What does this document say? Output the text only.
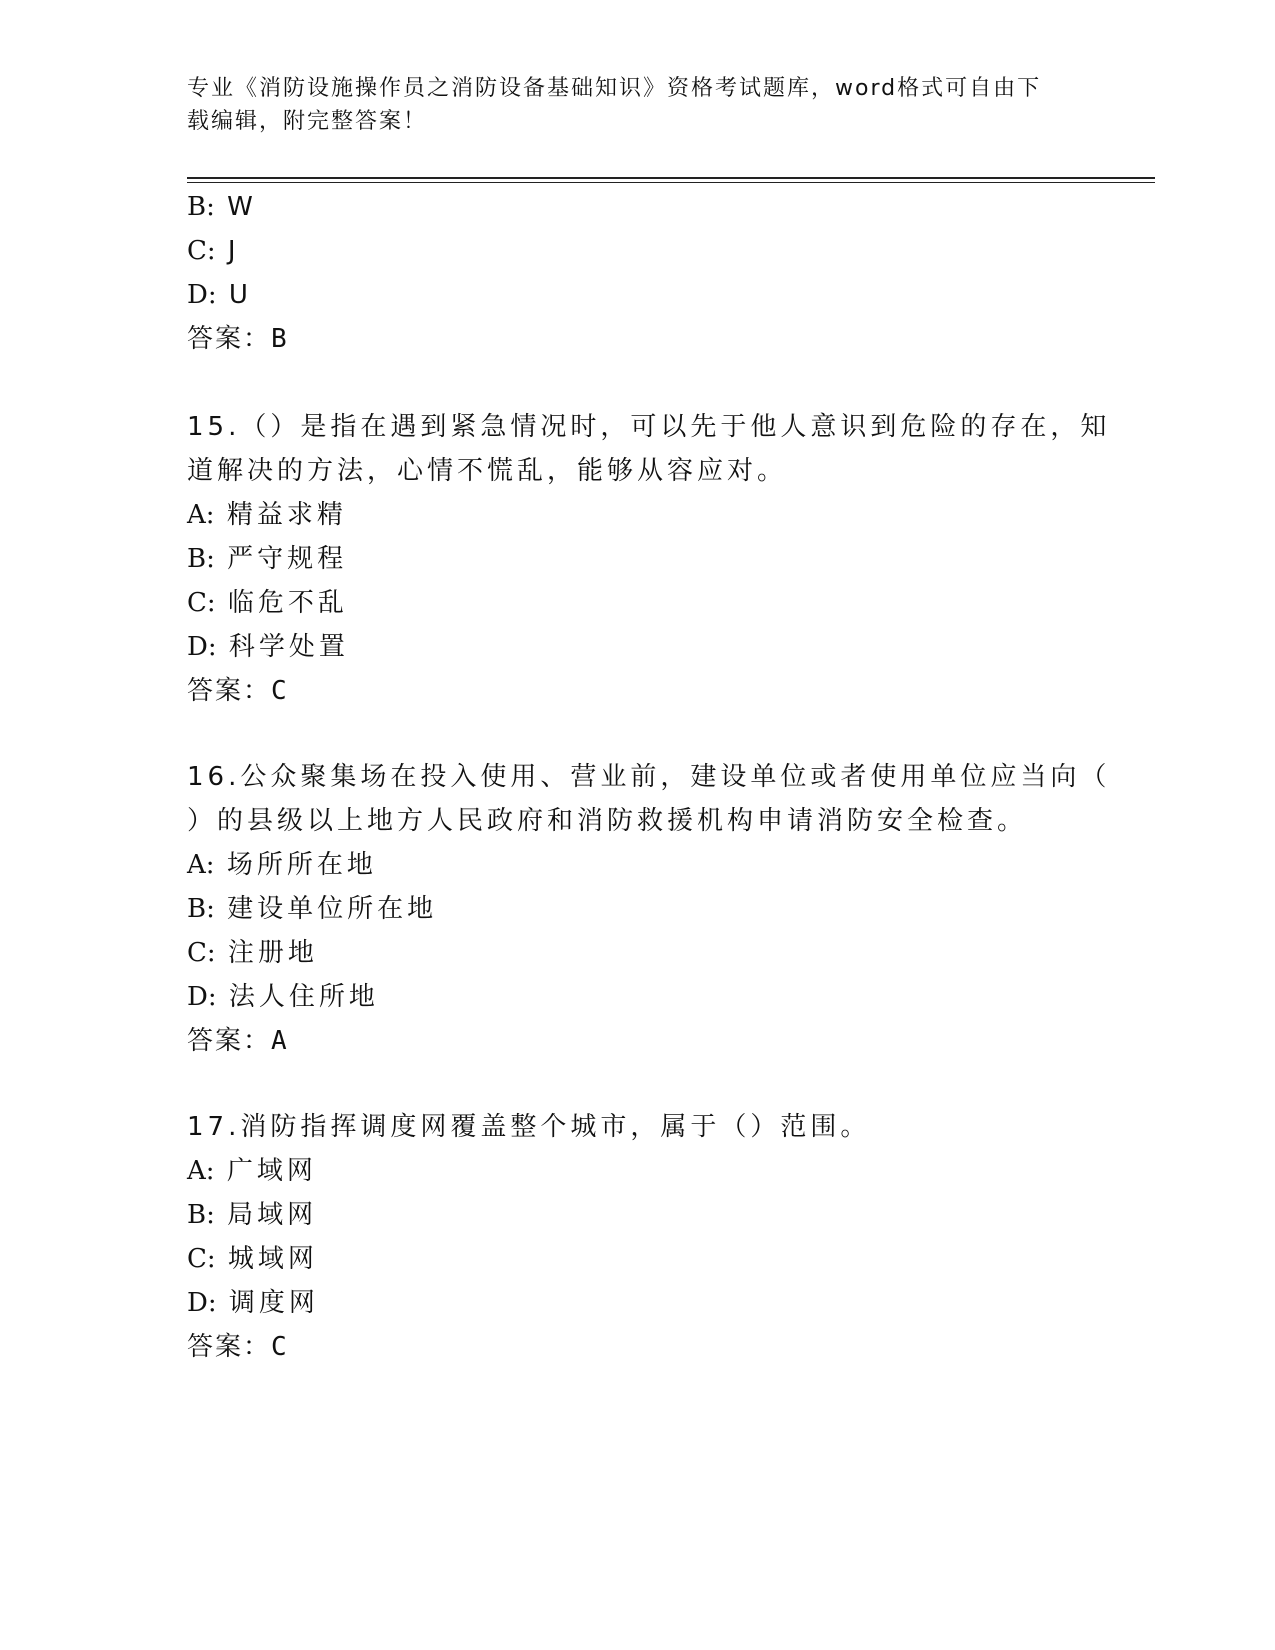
专业《消防设施操作员之消防设备基础知识》资格考试题库，word格式可自由下
载编辑，附完整答案！
B: W
C: J
D: U
答案：B
15.（）是指在遇到紧急情况时，可以先于他人意识到危险的存在，知
道解决的方法，心情不慌乱，能够从容应对。
A: 精益求精
B: 严守规程
C: 临危不乱
D: 科学处置
答案：C
16.公众聚集场在投入使用、营业前，建设单位或者使用单位应当向（
）的县级以上地方人民政府和消防救援机构申请消防安全检查。
A: 场所所在地
B: 建设单位所在地
C: 注册地
D: 法人住所地
答案：A
17.消防指挥调度网覆盖整个城市，属于（）范围。
A: 广域网
B: 局域网
C: 城域网
D: 调度网
答案：C
